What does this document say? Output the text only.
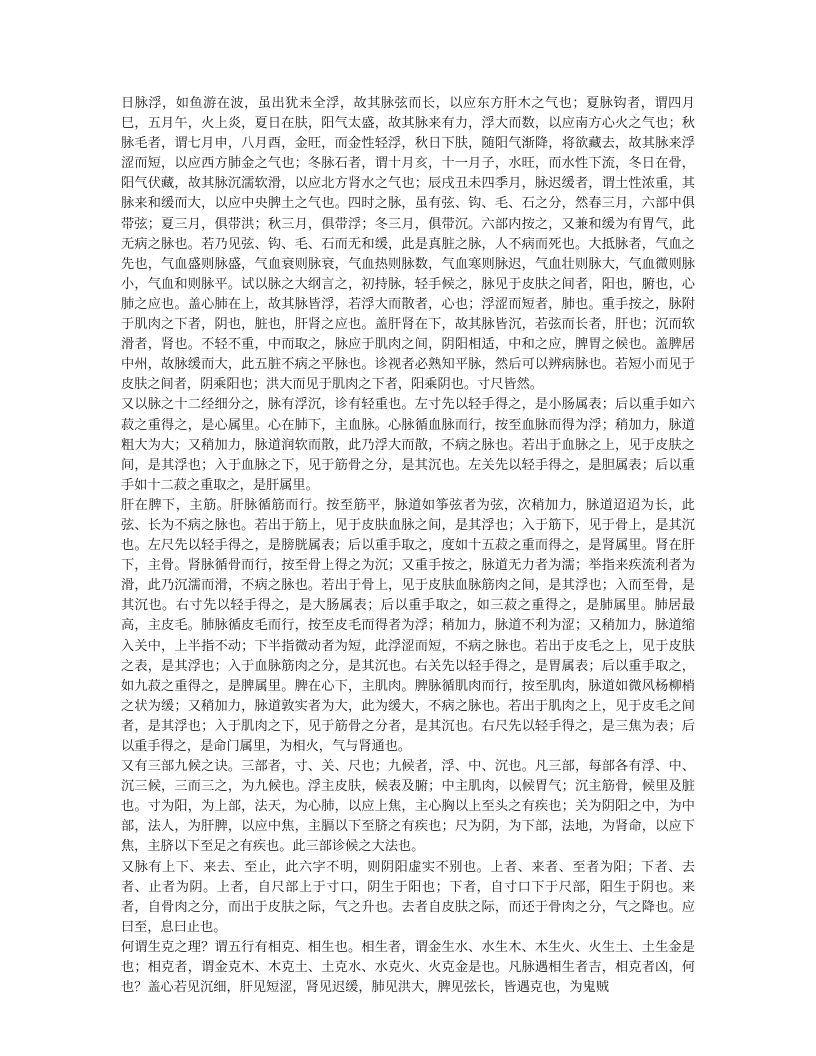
日脉浮，如鱼游在波，虽出犹未全浮，故其脉弦而长，以应东方肝木之气也；夏脉钩者，谓四月巳，五月午，火上炎，夏日在肤，阳气太盛，故其脉来有力，浮大而数，以应南方心火之气也；秋脉毛者，谓七月申，八月酉，金旺，而金性轻浮，秋日下肤，随阳气渐降，将欲藏去，故其脉来浮涩而短，以应西方肺金之气也；冬脉石者，谓十月亥，十一月子，水旺，而水性下流，冬日在骨，阳气伏藏，故其脉沉濡软滑，以应北方肾水之气也；辰戌丑未四季月，脉迟缓者，谓土性浓重，其脉来和缓而大，以应中央脾土之气也。四时之脉，虽有弦、钩、毛、石之分，然春三月，六部中俱带弦；夏三月，俱带洪；秋三月，俱带浮；冬三月，俱带沉。六部内按之，又兼和缓为有胃气，此无病之脉也。若乃见弦、钩、毛、石而无和缓，此是真脏之脉，人不病而死也。大抵脉者，气血之先也，气血盛则脉盛，气血衰则脉衰，气血热则脉数，气血寒则脉迟，气血壮则脉大，气血微则脉小，气血和则脉平。试以脉之大纲言之，初持脉，轻手候之，脉见于皮肤之间者，阳也，腑也，心肺之应也。盖心肺在上，故其脉皆浮，若浮大而散者，心也；浮涩而短者，肺也。重手按之，脉附于肌肉之下者，阴也，脏也，肝肾之应也。盖肝肾在下，故其脉皆沉，若弦而长者，肝也；沉而软滑者，肾也。不轻不重，中而取之，脉应于肌肉之间，阴阳相适，中和之应，脾胃之候也。盖脾居中州，故脉缓而大，此五脏不病之平脉也。诊视者必熟知平脉，然后可以辨病脉也。若短小而见于皮肤之间者，阴乘阳也；洪大而见于肌肉之下者，阳乘阴也。寸尺皆然。

又以脉之十二经细分之，脉有浮沉，诊有轻重也。左寸先以轻手得之，是小肠属表；后以重手如六菽之重得之，是心属里。心在肺下，主血脉。心脉循血脉而行，按至血脉而得为浮；稍加力，脉道粗大为大；又稍加力，脉道润软而散，此乃浮大而散，不病之脉也。若出于血脉之上，见于皮肤之间，是其浮也；入于血脉之下，见于筋骨之分，是其沉也。左关先以轻手得之，是胆属表；后以重手如十二菽之重取之，是肝属里。

肝在脾下，主筋。肝脉循筋而行。按至筋平，脉道如筝弦者为弦，次稍加力，脉道迢迢为长，此弦、长为不病之脉也。若出于筋上，见于皮肤血脉之间，是其浮也；入于筋下，见于骨上，是其沉也。左尺先以轻手得之，是膀胱属表；后以重手取之，度如十五菽之重而得之，是肾属里。肾在肝下，主骨。肾脉循骨而行，按至骨上得之为沉；又重手按之，脉道无力者为濡；举指来疾流利者为滑，此乃沉濡而滑，不病之脉也。若出于骨上，见于皮肤血脉筋肉之间，是其浮也；入而至骨，是其沉也。右寸先以轻手得之，是大肠属表；后以重手取之，如三菽之重得之，是肺属里。肺居最高，主皮毛。肺脉循皮毛而行，按至皮毛而得者为浮；稍加力，脉道不利为涩；又稍加力，脉道缩入关中，上半指不动；下半指微动者为短，此浮涩而短，不病之脉也。若出于皮毛之上，见于皮肤之表，是其浮也；入于血脉筋肉之分，是其沉也。右关先以轻手得之，是胃属表；后以重手取之，如九菽之重得之，是脾属里。脾在心下，主肌肉。脾脉循肌肉而行，按至肌肉，脉道如微风杨柳梢之状为缓；又稍加力，脉道敦实者为大，此为缓大，不病之脉也。若出于肌肉之上，见于皮毛之间者，是其浮也；入于肌肉之下，见于筋骨之分者，是其沉也。右尺先以轻手得之，是三焦为表；后以重手得之，是命门属里，为相火，气与肾通也。

又有三部九候之诀。三部者，寸、关、尺也；九候者，浮、中、沉也。凡三部，每部各有浮、中、沉三候，三而三之，为九候也。浮主皮肤，候表及腑；中主肌肉，以候胃气；沉主筋骨，候里及脏也。寸为阳，为上部，法天，为心肺，以应上焦，主心胸以上至头之有疾也；关为阴阳之中，为中部，法人，为肝脾，以应中焦，主膈以下至脐之有疾也；尺为阴，为下部，法地，为肾命，以应下焦，主脐以下至足之有疾也。此三部诊候之大法也。

又脉有上下、来去、至止，此六字不明，则阴阳虚实不别也。上者、来者、至者为阳；下者、去者、止者为阴。上者，自尺部上于寸口，阴生于阳也；下者，自寸口下于尺部，阳生于阴也。来者，自骨肉之分，而出于皮肤之际，气之升也。去者自皮肤之际，而还于骨肉之分，气之降也。应曰至，息曰止也。

何谓生克之理？谓五行有相克、相生也。相生者，谓金生水、水生木、木生火、火生土、土生金是也；相克者，谓金克木、木克土、土克水、水克火、火克金是也。凡脉遇相生者吉，相克者凶，何也？盖心若见沉细，肝见短涩，肾见迟缓，肺见洪大，脾见弦长，皆遇克也，为鬼贼
